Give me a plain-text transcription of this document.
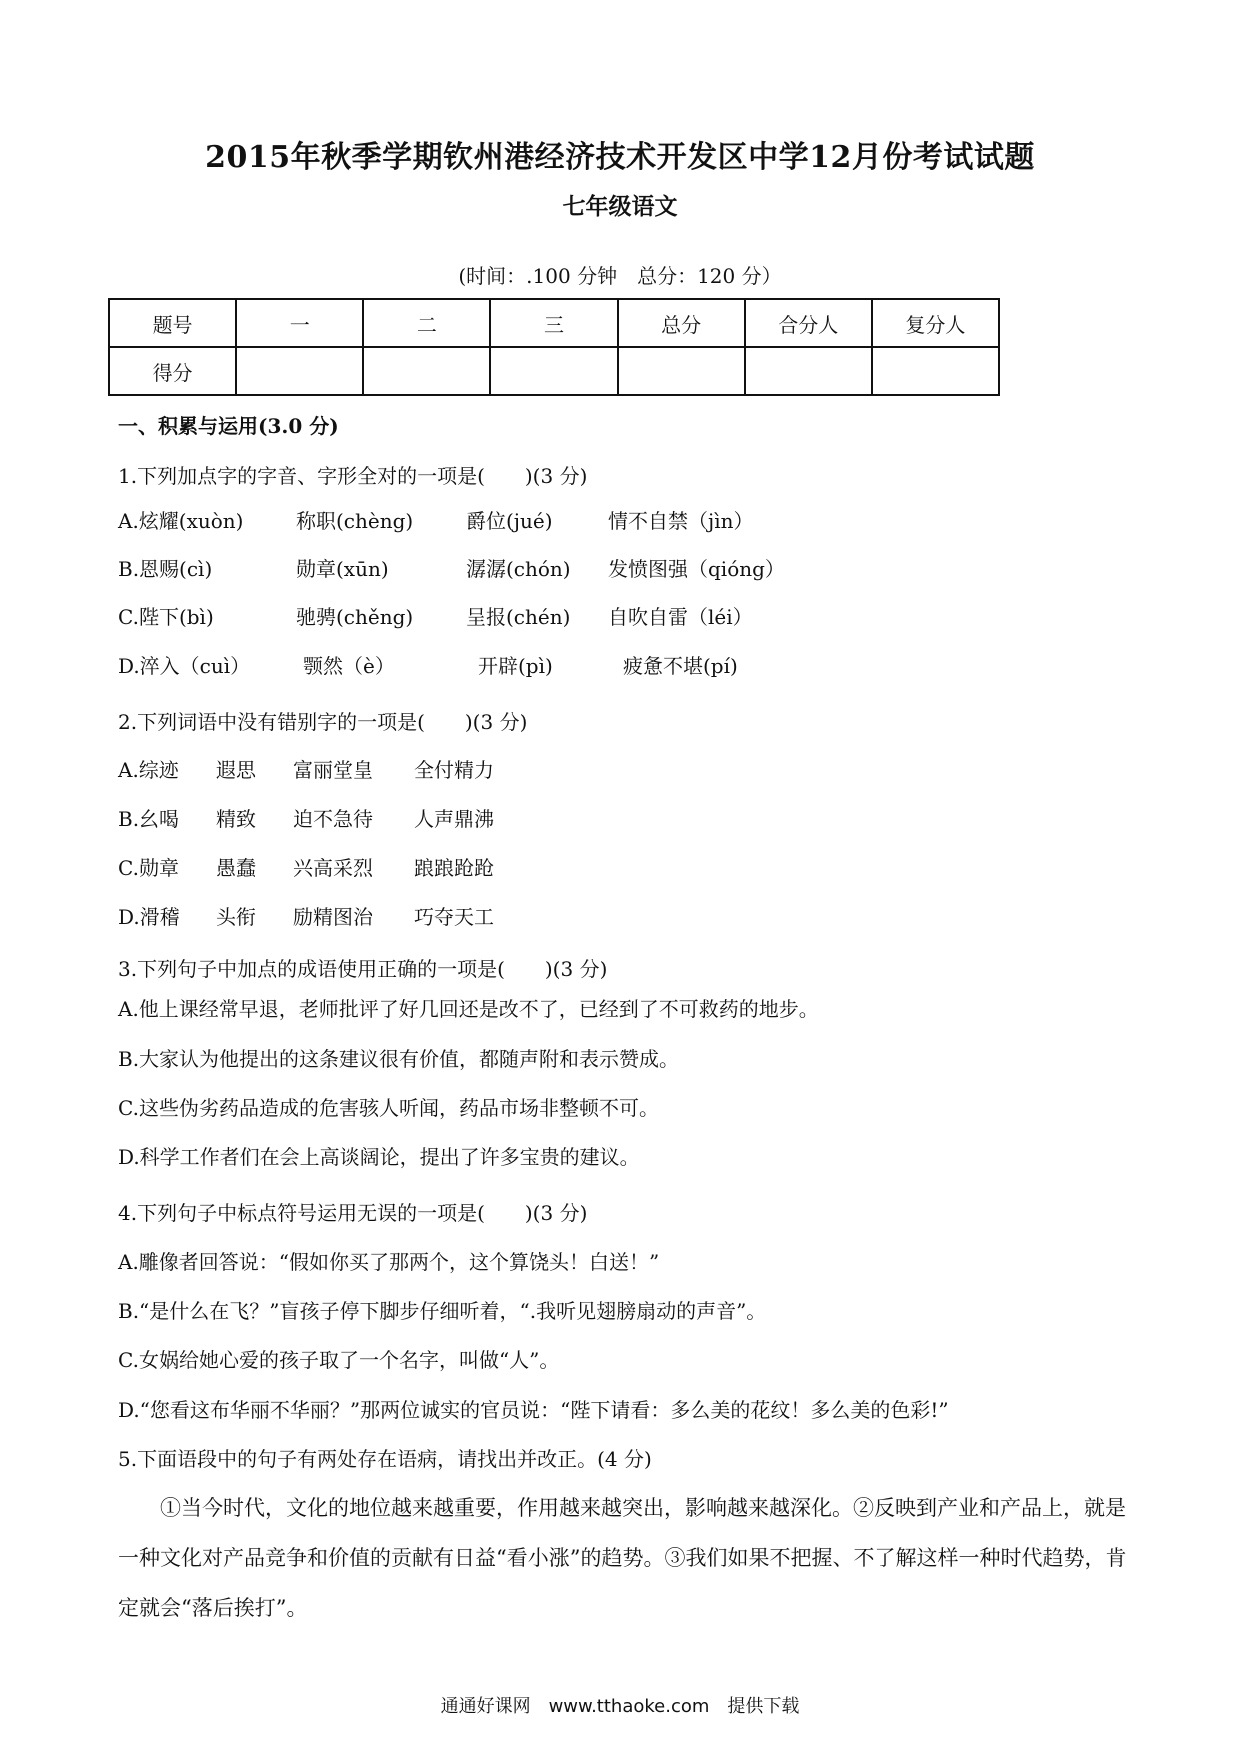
2015年秋季学期钦州港经济技术开发区中学12月份考试试题
七年级语文
(时间：.100 分钟　总分：120 分）
题号	一	二	三	总分	合分人	复分人
得分						
一、积累与运用(3.0 分)
1.下列加点字的字音、字形全对的一项是(　　)(3 分)
A.炫耀(xuòn)	称职(chèng)	爵位(jué)	情不自禁（jìn）
B.恩赐(cì)	勋章(xūn)	潺潺(chón) 发愤图强（qióng）
C.陛下(bì)	驰骋(chěng)	呈报(chén) 自吹自雷（léi）
D.淬入（cuì）	颚然（è）	开辟(pì)	疲惫不堪(pí)
2.下列词语中没有错别字的一项是(　　)(3 分)
A.综迹 遐思 富丽堂皇 全付精力
B.幺喝 精致 迫不急待 人声鼎沸
C.勋章 愚蠢 兴高采烈 踉踉跄跄
D.滑稽 头衔 励精图治 巧夺天工
3.下列句子中加点的成语使用正确的一项是(　　)(3 分)
A.他上课经常早退，老师批评了好几回还是改不了，已经到了不可救药的地步。
B.大家认为他提出的这条建议很有价值，都随声附和表示赞成。
C.这些伪劣药品造成的危害骇人听闻，药品市场非整顿不可。
D.科学工作者们在会上高谈阔论，提出了许多宝贵的建议。
4.下列句子中标点符号运用无误的一项是(　　)(3 分)
A.雕像者回答说：“假如你买了那两个，这个算饶头！白送！”
B.“是什么在飞？”盲孩子停下脚步仔细听着，“.我听见翅膀扇动的声音”。
C.女娲给她心爱的孩子取了一个名字，叫做“人”。
D.“您看这布华丽不华丽？”那两位诚实的官员说：“陛下请看：多么美的花纹！多么美的色彩!”
5.下面语段中的句子有两处存在语病，请找出并改正。(4 分)
①当今时代，文化的地位越来越重要，作用越来越突出，影响越来越深化。②反映到产业和产品上，就是一种文化对产品竞争和价值的贡献有日益“看小涨”的趋势。③我们如果不把握、不了解这样一种时代趋势，肯定就会“落后挨打”。
通通好课网　www.tthaoke.com　提供下载
